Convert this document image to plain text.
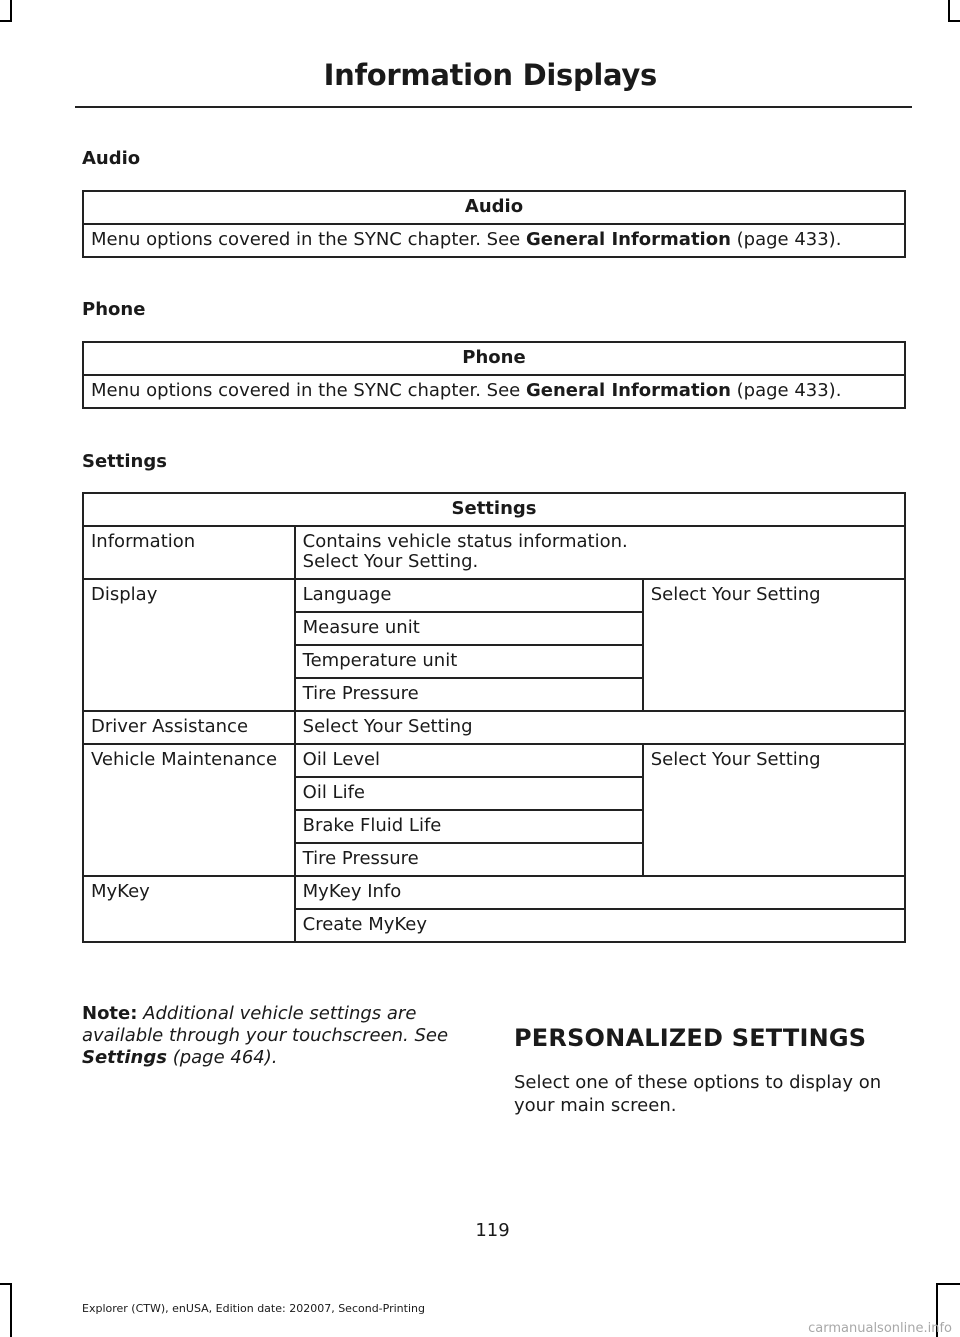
Information Displays
Audio
Audio
Menu options covered in the SYNC chapter. See General Information (page 433).
Phone
Phone
Menu options covered in the SYNC chapter. See General Information (page 433).
Settings
Settings		
Information	Contains vehicle status information.
Select Your Setting.	
Display	Language	Select Your Setting
	Measure unit	
	Temperature unit	
	Tire Pressure	
Driver Assistance	Select Your Setting	
Vehicle Maintenance	Oil Level	Select Your Setting
	Oil Life	
	Brake Fluid Life	
	Tire Pressure	
MyKey	MyKey Info	
	Create MyKey	
Note: Additional vehicle settings are available through your touchscreen. See Settings (page 464).
PERSONALIZED SETTINGS
Select one of these options to display on your main screen.
119
Explorer (CTW), enUSA, Edition date: 202007, Second-Printing
carmanualsonline.info
